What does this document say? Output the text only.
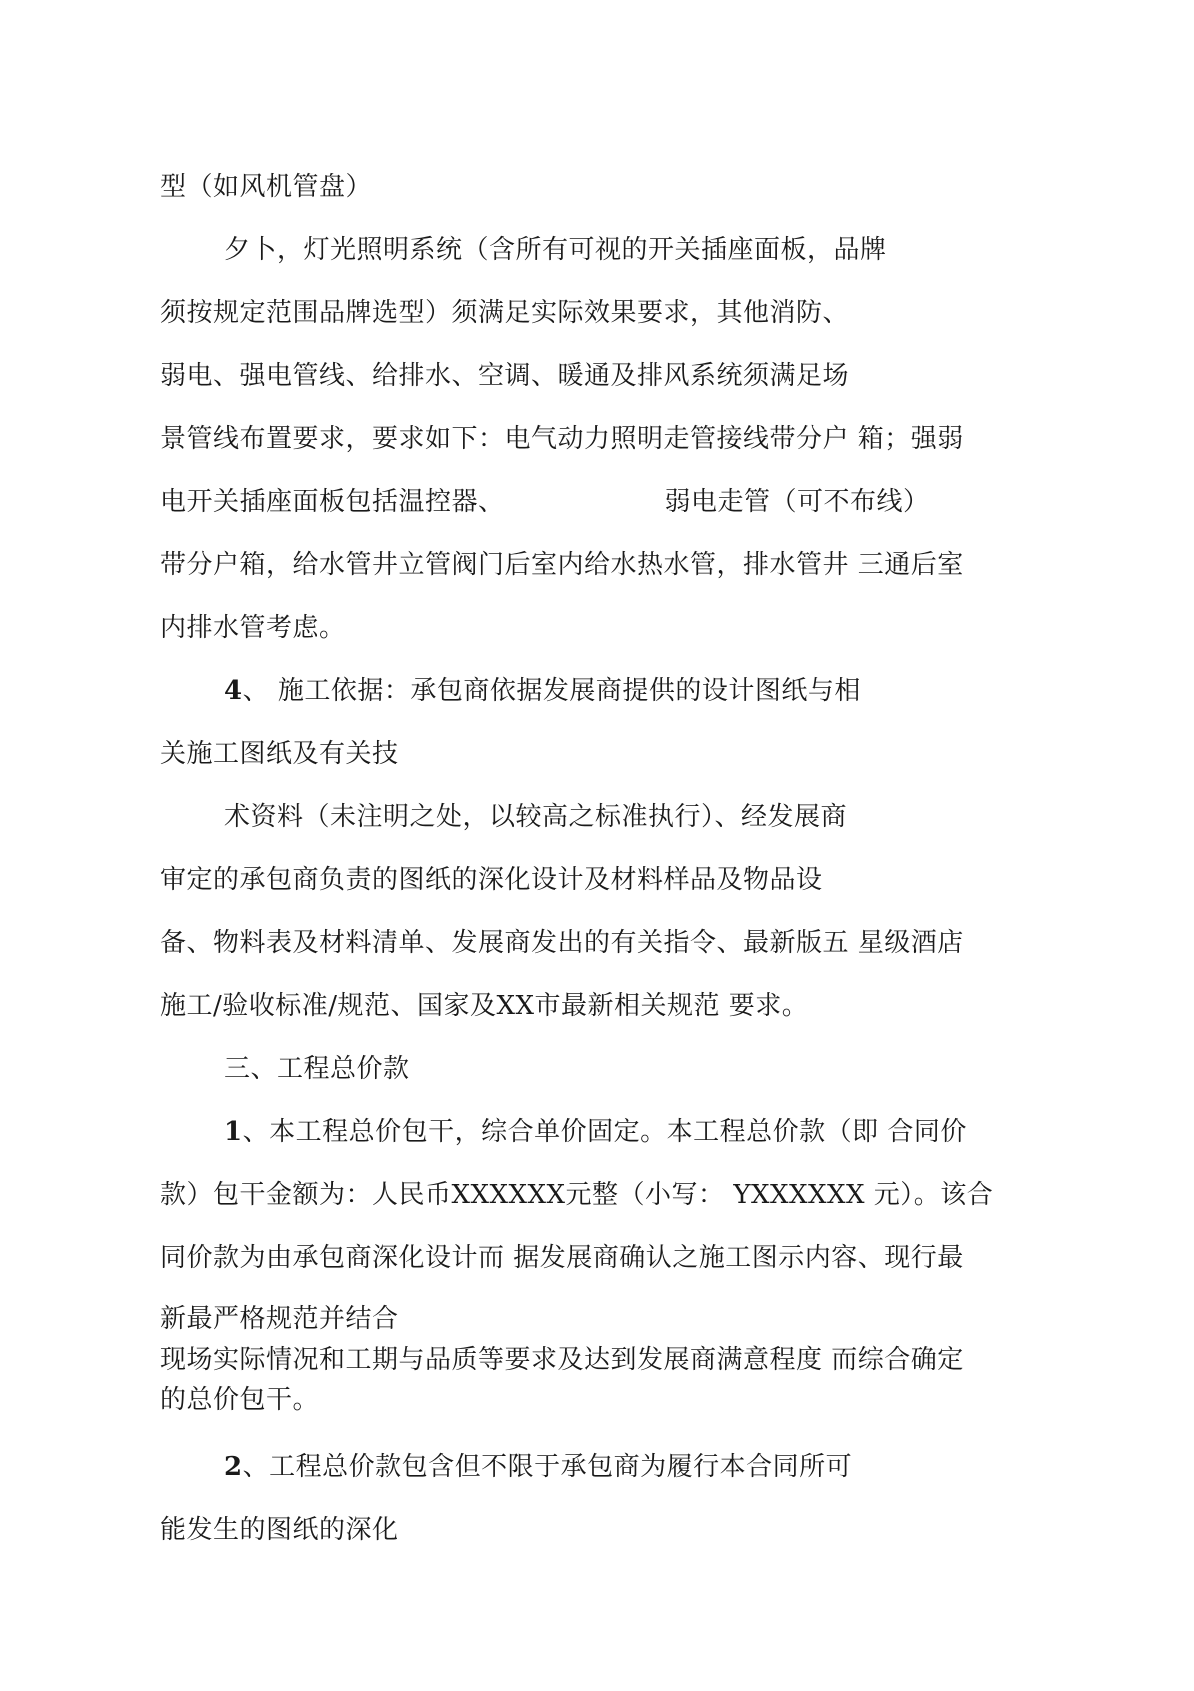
型（如风机管盘）
夕卜，灯光照明系统（含所有可视的开关插座面板，品牌
须按规定范围品牌选型）须满足实际效果要求，其他消防、
弱电、强电管线、给排水、空调、暖通及排风系统须满足场
景管线布置要求，要求如下：电气动力照明走管接线带分户 箱；强弱
电开关插座面板包括温控器、	弱电走管（可不布线）
带分户箱，给水管井立管阀门后室内给水热水管，排水管井 三通后室
内排水管考虑。
4、 施工依据：承包商依据发展商提供的设计图纸与相
关施工图纸及有关技
术资料（未注明之处，以较高之标准执行）、经发展商
审定的承包商负责的图纸的深化设计及材料样品及物品设
备、物料表及材料清单、发展商发出的有关指令、最新版五 星级酒店
施工/验收标准/规范、国家及XX市最新相关规范 要求。
三、工程总价款
1、本工程总价包干，综合单价固定。本工程总价款（即 合同价
款）包干金额为：人民币XXXXXX元整（小写： YXXXXXX 元）。该合
同价款为由承包商深化设计而 据发展商确认之施工图示内容、现行最
新最严格规范并结合
现场实际情况和工期与品质等要求及达到发展商满意程度 而综合确定
的总价包干。
2、工程总价款包含但不限于承包商为履行本合同所可
能发生的图纸的深化
